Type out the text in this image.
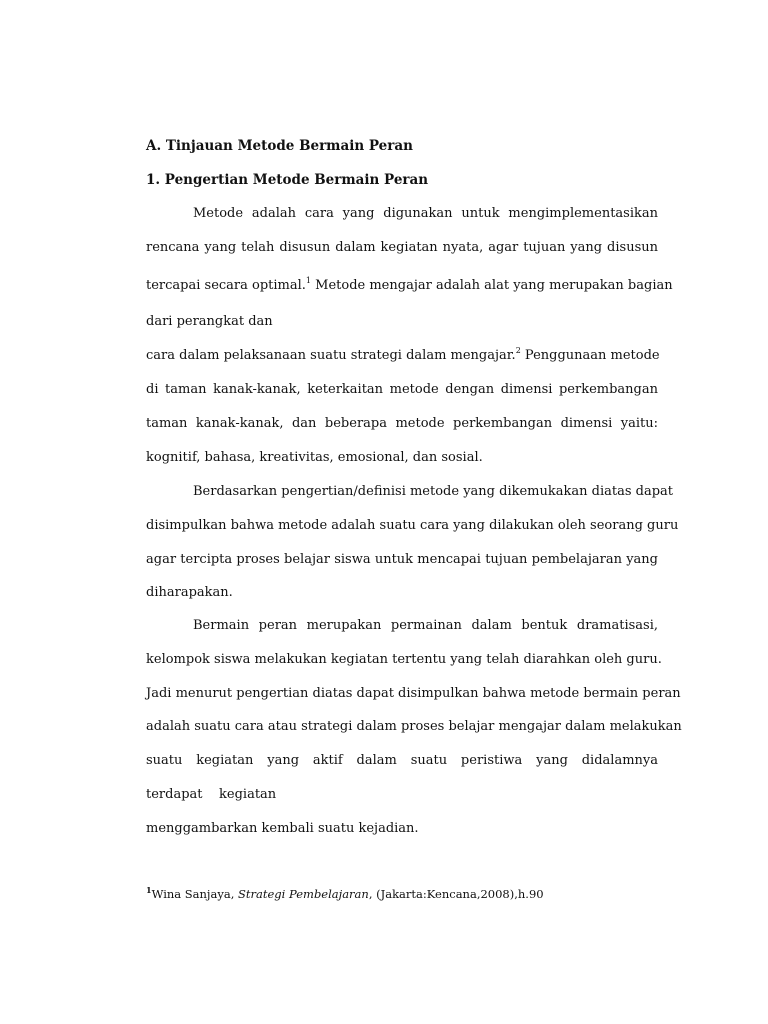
A. Tinjauan Metode Bermain Peran
1. Pengertian Metode Bermain Peran
Metode adalah cara yang digunakan untuk mengimplementasikan
rencana yang telah disusun dalam kegiatan nyata, agar tujuan yang disusun
tercapai secara optimal.$^1$ Metode mengajar adalah alat yang merupakan bagian
dari perangkat dan
cara dalam pelaksanaan suatu strategi dalam mengajar.$^2$ Penggunaan metode
di taman kanak-kanak, keterkaitan metode dengan dimensi perkembangan
taman kanak-kanak, dan beberapa metode perkembangan dimensi yaitu:
kognitif, bahasa, kreativitas, emosional, dan sosial.
Berdasarkan pengertian/definisi metode yang dikemukakan diatas dapat
disimpulkan bahwa metode adalah suatu cara yang dilakukan oleh seorang guru
agar tercipta proses belajar siswa untuk mencapai tujuan pembelajaran yang
diharapakan.
Bermain peran merupakan permainan dalam bentuk dramatisasi,
kelompok siswa melakukan kegiatan tertentu yang telah diarahkan oleh guru.
Jadi menurut pengertian diatas dapat disimpulkan bahwa metode bermain peran
adalah suatu cara atau strategi dalam proses belajar mengajar dalam melakukan
suatu kegiatan yang aktif dalam suatu peristiwa yang didalamnya
terdapat    kegiatan
menggambarkan kembali suatu kejadian.
$^1$Wina Sanjaya, Strategi Pembelajaran, (Jakarta:Kencana,2008),h.90
